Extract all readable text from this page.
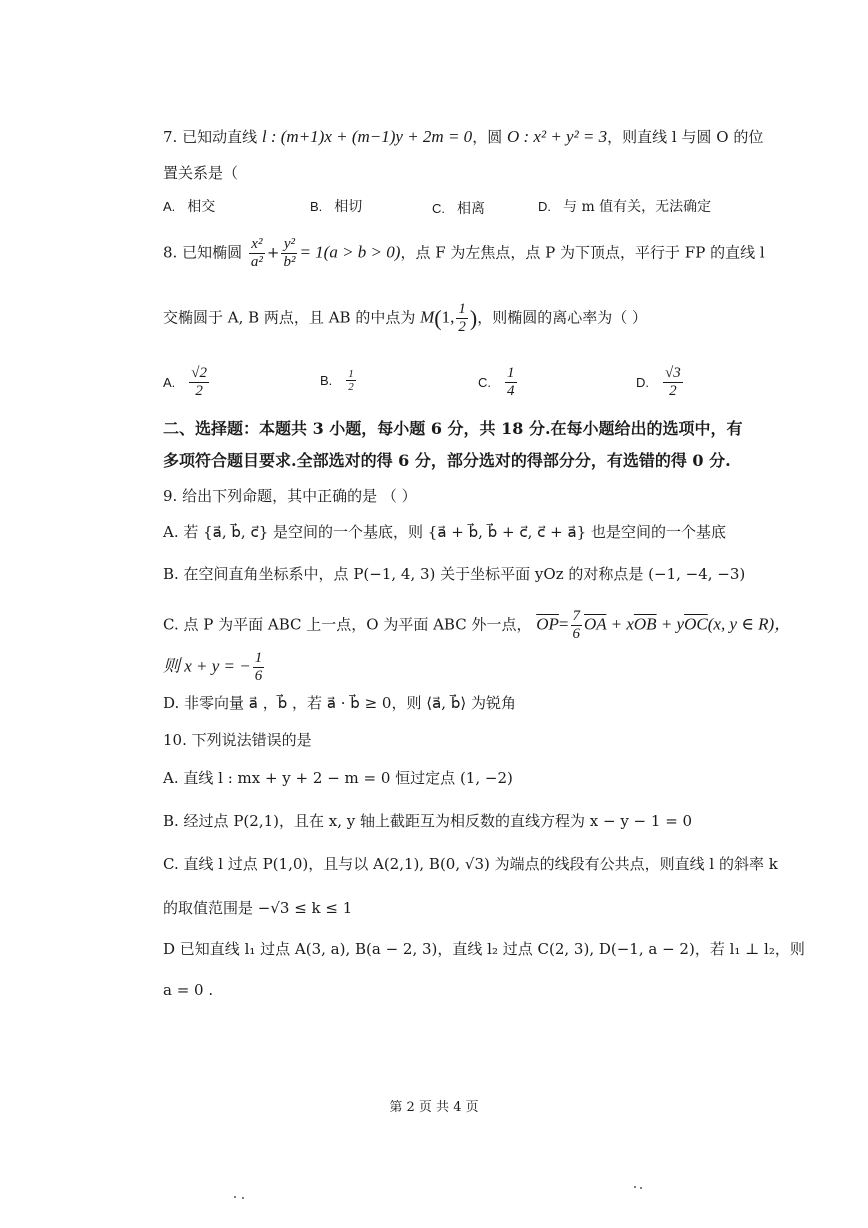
7. 已知动直线 l : (m+1)x + (m−1)y + 2m = 0，圆 O : x² + y² = 3，则直线 l 与圆 O 的位
置关系是（
A. 相交	B. 相切	C. 相离	D. 与 m 值有关，无法确定
8. 已知椭圆 $\frac{\text{x²}}{\text{a²}} + \frac{\text{y²}}{\text{b²}} = 1(a > b > 0)$，点 F 为左焦点，点 P 为下顶点，平行于 FP 的直线 l
交椭圆于 A, B 两点，且 AB 的中点为 M(1, $\frac{1}{2}$ )，则椭圆的离心率为（ ）
A. $\frac{√2}{2}$	B. $\frac{1}{2}$	C. $\frac{1}{4}$	D. $\frac{√3}{2}$
二、选择题：本题共 3 小题，每小题 6 分，共 18 分.在每小题给出的选项中，有
多项符合题目要求.全部选对的得 6 分，部分选对的得部分分，有选错的得 0 分.
9. 给出下列命题，其中正确的是 （ ）
A. 若 {a⃗, b⃗, c⃗} 是空间的一个基底，则 {a⃗ + b⃗, b⃗ + c⃗, c⃗ + a⃗} 也是空间的一个基底
B. 在空间直角坐标系中，点 P(−1, 4, 3) 关于坐标平面 yOz 的对称点是 (−1, −4, −3)
C. 点 P 为平面 ABC 上一点，O 为平面 ABC 外一点， $\overline{OP}= \frac{7}{6} \overline{OA} + x\overline{OB} + y\overline{OC}(x$, y ∈ R)，
则 x + y = − $\frac{1}{6}$
D. 非零向量 a⃗ ，b⃗ ，若 a⃗ · b⃗ ≥ 0，则 ⟨a⃗, b⃗⟩ 为锐角
10. 下列说法错误的是
A. 直线 l : mx + y + 2 − m = 0 恒过定点 (1, −2)
B. 经过点 P(2,1)，且在 x, y 轴上截距互为相反数的直线方程为 x − y − 1 = 0
C. 直线 l 过点 P(1,0)，且与以 A(2,1), B(0, √3) 为端点的线段有公共点，则直线 l 的斜率 k
的取值范围是 −√3 ≤ k ≤ 1
D 已知直线 l₁ 过点 A(3, a), B(a − 2, 3)，直线 l₂ 过点 C(2, 3), D(−1, a − 2)，若 l₁ ⊥ l₂，则
a = 0 .
第 2 页 共 4 页
